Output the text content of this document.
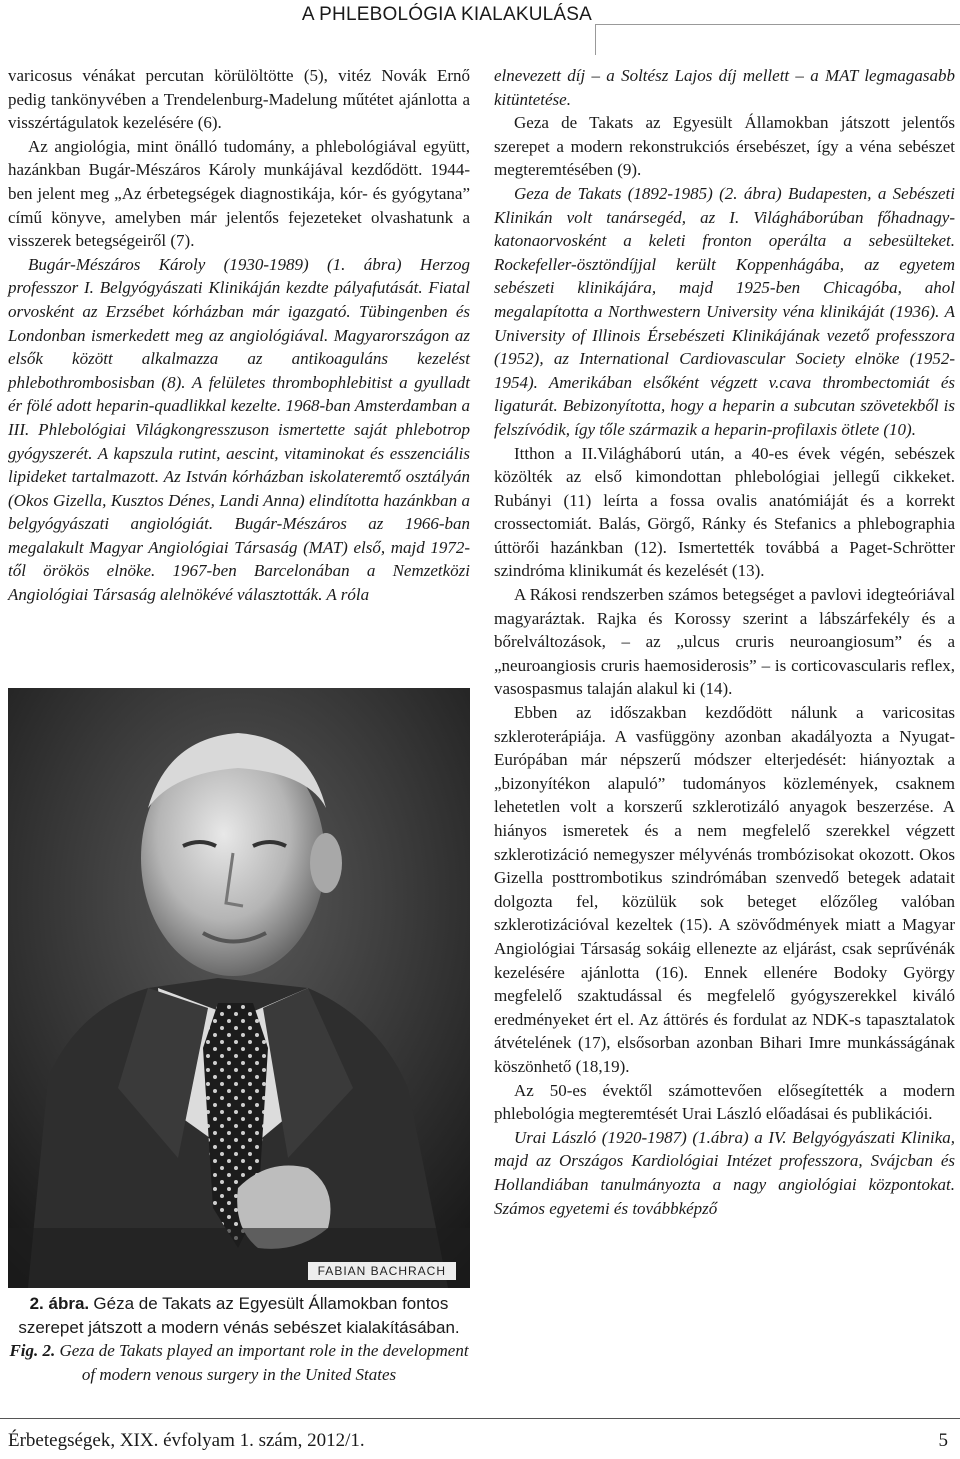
A PHLEBOLÓGIA KIALAKULÁSA

varicosus vénákat percutan körülöltötte (5), vitéz Novák Ernő pedig tankönyvében a Trendelenburg-Madelung műtétet ajánlotta a visszértágulatok kezelésére (6).

Az angiológia, mint önálló tudomány, a phlebológiával együtt, hazánkban Bugár-Mészáros Károly munkájával kezdődött. 1944-ben jelent meg „Az érbetegségek diagnostikája, kór- és gyógytana” című könyve, amelyben már jelentős fejezeteket olvashatunk a visszerek betegségeiről (7).

Bugár-Mészáros Károly (1930-1989) (1. ábra) Herzog professzor I. Belgyógyászati Klinikáján kezdte pályafutását. Fiatal orvosként az Erzsébet kórházban már igazgató. Tübingenben és Londonban ismerkedett meg az angiológiával. Magyarországon az elsők között alkalmazza az antikoaguláns kezelést phlebothrombosisban (8). A felületes thrombophlebitist a gyulladt ér fölé adott heparin-quadlikkal kezelte. 1968-ban Amsterdamban a III. Phlebológiai Világkongresszuson ismertette saját phlebotrop gyógyszerét. A kapszula rutint, aescint, vitaminokat és esszenciális lipideket tartalmazott. Az István kórházban iskolateremtő osztályán (Okos Gizella, Kusztos Dénes, Landi Anna) elindította hazánkban a belgyógyászati angiológiát. Bugár-Mészáros az 1966-ban megalakult Magyar Angiológiai Társaság (MAT) első, majd 1972-től örökös elnöke. 1967-ben Barcelonában a Nemzetközi Angiológiai Társaság alelnökévé választották. A róla

FABIAN BACHRACH
2. ábra. Géza de Takats az Egyesült Államokban fontos szerepet játszott a modern vénás sebészet kialakításában.
Fig. 2. Geza de Takats played an important role in the development of modern venous surgery in the United States

elnevezett díj – a Soltész Lajos díj mellett – a MAT legmagasabb kitüntetése.

Geza de Takats az Egyesült Államokban játszott jelentős szerepet a modern rekonstrukciós érsebészet, így a véna sebészet megteremtésében (9).

Geza de Takats (1892-1985) (2. ábra) Budapesten, a Sebészeti Klinikán volt tanársegéd, az I. Világháborúban főhadnagy- katonaorvosként a keleti fronton operálta a sebesülteket. Rockefeller-ösztöndíjjal került Koppenhágába, az egyetem sebészeti klinikájára, majd 1925-ben Chicagóba, ahol megalapította a Northwestern University véna klinikáját (1936). A University of Illinois Érsebészeti Klinikájának vezető professzora (1952), az International Cardiovascular Society elnöke (1952-1954). Amerikában elsőként végzett v.cava thrombectomiát és ligaturát. Bebizonyította, hogy a heparin a subcutan szövetekből is felszívódik, így tőle származik a heparin-profilaxis ötlete (10).

Itthon a II.Világháború után, a 40-es évek végén, sebészek közölték az első kimondottan phlebológiai jellegű cikkeket. Rubányi (11) leírta a fossa ovalis anatómiáját és a korrekt crossectomiát. Balás, Görgő, Ránky és Stefanics a phlebographia úttörői hazánkban (12). Ismertették továbbá a Paget-Schrötter szindróma klinikumát és kezelését (13).

A Rákosi rendszerben számos betegséget a pavlovi idegteóriával magyaráztak. Rajka és Korossy szerint a lábszárfekély és a bőrelváltozások, – az „ulcus cruris neuroangiosum” és a „neuroangiosis cruris haemosiderosis” – is corticovascularis reflex, vasospasmus talaján alakul ki (14).

Ebben az időszakban kezdődött nálunk a varicositas szkleroterápiája. A vasfüggöny azonban akadályozta a Nyugat-Európában már népszerű módszer elterjedését: hiányoztak a „bizonyítékon alapuló” tudományos közlemények, csaknem lehetetlen volt a korszerű szklerotizáló anyagok beszerzése. A hiányos ismeretek és a nem megfelelő szerekkel végzett szklerotizáció nemegyszer mélyvénás trombózisokat okozott. Okos Gizella posttrombotikus szindrómában szenvedő betegek adatait dolgozta fel, közülük sok beteget előzőleg valóban szklerotizációval kezeltek (15). A szövődmények miatt a Magyar Angiológiai Társaság sokáig ellenezte az eljárást, csak seprűvénák kezelésére ajánlotta (16). Ennek ellenére Bodoky György megfelelő szaktudással és megfelelő gyógyszerekkel kiváló eredményeket ért el. Az áttörés és fordulat az NDK-s tapasztalatok átvételének (17), elsősorban azonban Bihari Imre munkásságának köszönhető (18,19).

Az 50-es évektől számottevően elősegítették a modern phlebológia megteremtését Urai László előadásai és publikációi.

Urai László (1920-1987) (1.ábra) a IV. Belgyógyászati Klinika, majd az Országos Kardiológiai Intézet professzora, Svájcban és Hollandiában tanulmányozta a nagy angiológiai központokat. Számos egyetemi és továbbképző

Érbetegségek, XIX. évfolyam 1. szám, 2012/1.	5
